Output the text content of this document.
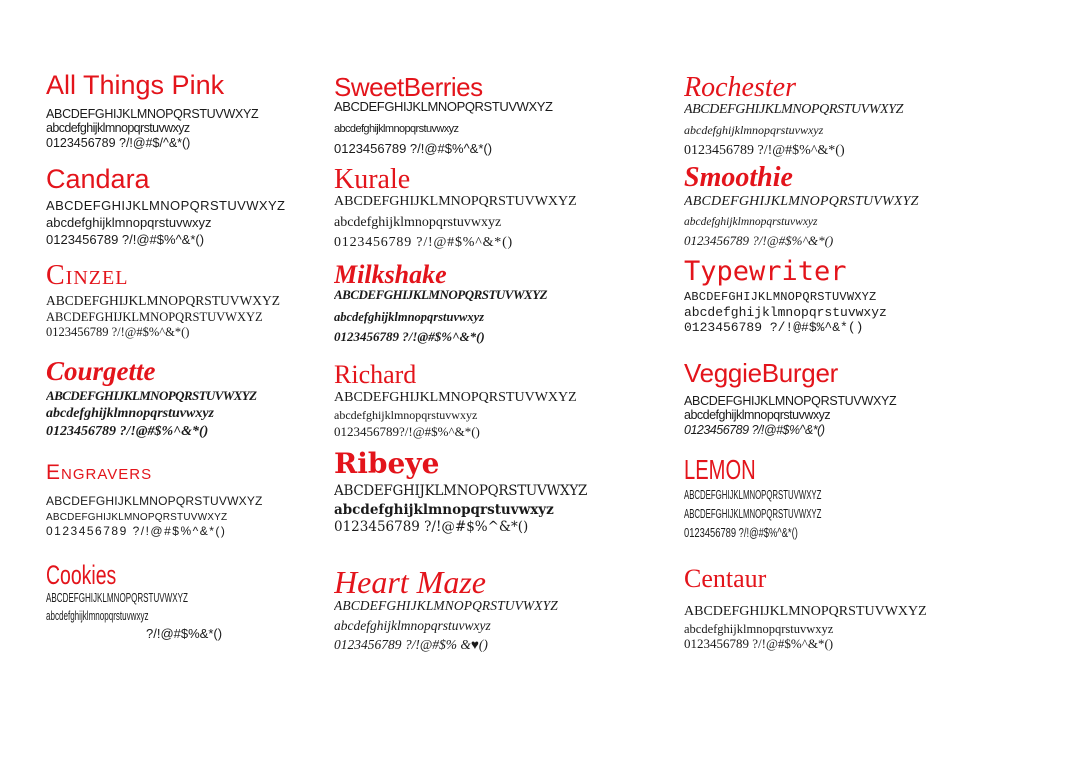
All Things Pink
ABCDEFGHIJKLMNOPQRSTUVWXYZ
abcdefghijklmnopqrstuvwxyz
0123456789 ?/!@#$/^&*()
Candara
ABCDEFGHIJKLMNOPQRSTUVWXYZ
abcdefghijklmnopqrstuvwxyz
0123456789 ?/!@#$%^&*()
Cinzel
ABCDEFGHIJKLMNOPQRSTUVWXYZ
ABCDEFGHIJKLMNOPQRSTUVWXYZ
0123456789 ?/!@#$%^&*()
Courgette
ABCDEFGHIJKLMNOPQRSTUVWXYZ
abcdefghijklmnopqrstuvwxyz
0123456789 ?/!@#$%^&*()
Engravers
ABCDEFGHIJKLMNOPQRSTUVWXYZ
ABCDEFGHIJKLMNOPQRSTUVWXYZ
0123456789 ?/!@#$%^&*()
Cookies
ABCDEFGHIJKLMNOPQRSTUVWXYZ
abcdefghijklmnopqrstuvwxyz
?/!@#$%&*()
SweetBerries
ABCDEFGHIJKLMNOPQRSTUVWXYZ
abcdefghijklmnopqrstuvwxyz
0123456789 ?/!@#$%^&*()
Kurale
ABCDEFGHIJKLMNOPQRSTUVWXYZ
abcdefghijklmnopqrstuvwxyz
0123456789 ?/!@#$%^&*()
Milkshake
ABCDEFGHIJKLMNOPQRSTUVWXYZ
abcdefghijklmnopqrstuvwxyz
0123456789 ?/!@#$%^&*()
Richard
ABCDEFGHIJKLMNOPQRSTUVWXYZ
abcdefghijklmnopqrstuvwxyz
0123456789?/!@#$%^&*()
Ribeye
ABCDEFGHIJKLMNOPQRSTUVWXYZ
abcdefghijklmnopqrstuvwxyz
0123456789 ?/!@#$%^&*()
Heart Maze
ABCDEFGHIJKLMNOPQRSTUVWXYZ
abcdefghijklmnopqrstuvwxyz
0123456789 ?/!@#$% &♥()
Rochester
ABCDEFGHIJKLMNOPQRSTUVWXYZ
abcdefghijklmnopqrstuvwxyz
0123456789 ?/!@#$%^&*()
Smoothie
ABCDEFGHIJKLMNOPQRSTUVWXYZ
abcdefghijklmnopqrstuvwxyz
0123456789 ?/!@#$%^&*()
Typewriter
ABCDEFGHIJKLMNOPQRSTUVWXYZ
abcdefghijklmnopqrstuvwxyz
0123456789 ?/!@#$%^&*()
VeggieBurger
ABCDEFGHIJKLMNOPQRSTUVWXYZ
abcdefghijklmnopqrstuvwxyz
0123456789 ?/!@#$%^&*()
LEMON
ABCDEFGHIJKLMNOPQRSTUVWXYZ
ABCDEFGHIJKLMNOPQRSTUVWXYZ
0123456789 ?/!@#$%^&*()
Centaur
ABCDEFGHIJKLMNOPQRSTUVWXYZ
abcdefghijklmnopqrstuvwxyz
0123456789 ?/!@#$%^&*()
